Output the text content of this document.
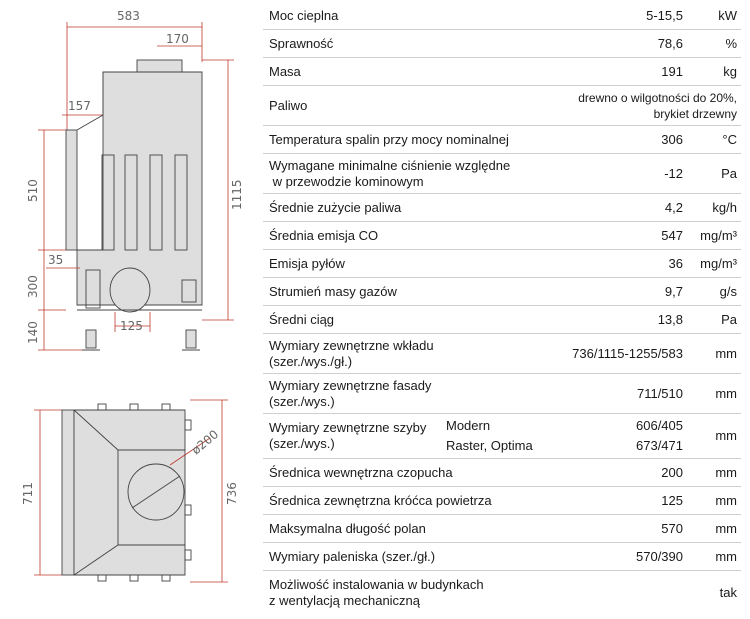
583
170
157
510
300
140
35
125
1115
711
ø200
736
Moc cieplna	5-15,5	kW
Sprawność	78,6	%
Masa	191	kg
Paliwo	drewno o wilgotności do 20%,
brykiet drzewny
Temperatura spalin przy mocy nominalnej	306	°C
Wymagane minimalne ciśnienie względne
w przewodzie kominowym
-12	Pa
Średnie zużycie paliwa	4,2	kg/h
Średnia emisja CO	547	mg/m³
Emisja pyłów	36	mg/m³
Strumień masy gazów	9,7	g/s
Średni ciąg	13,8	Pa
Wymiary zewnętrzne wkładu
(szer./wys./gł.)
736/1115-1255/583	mm
Wymiary zewnętrzne fasady
(szer./wys.)
711/510	mm
Wymiary zewnętrzne szyby
(szer./wys.)
Modern	606/405
Raster, Optima	673/471
mm
Średnica wewnętrzna czopucha	200	mm
Średnica zewnętrzna króćca powietrza	125	mm
Maksymalna długość polan	570	mm
Wymiary paleniska (szer./gł.)	570/390	mm
Możliwość instalowania w budynkach
z wentylacją mechaniczną
tak
